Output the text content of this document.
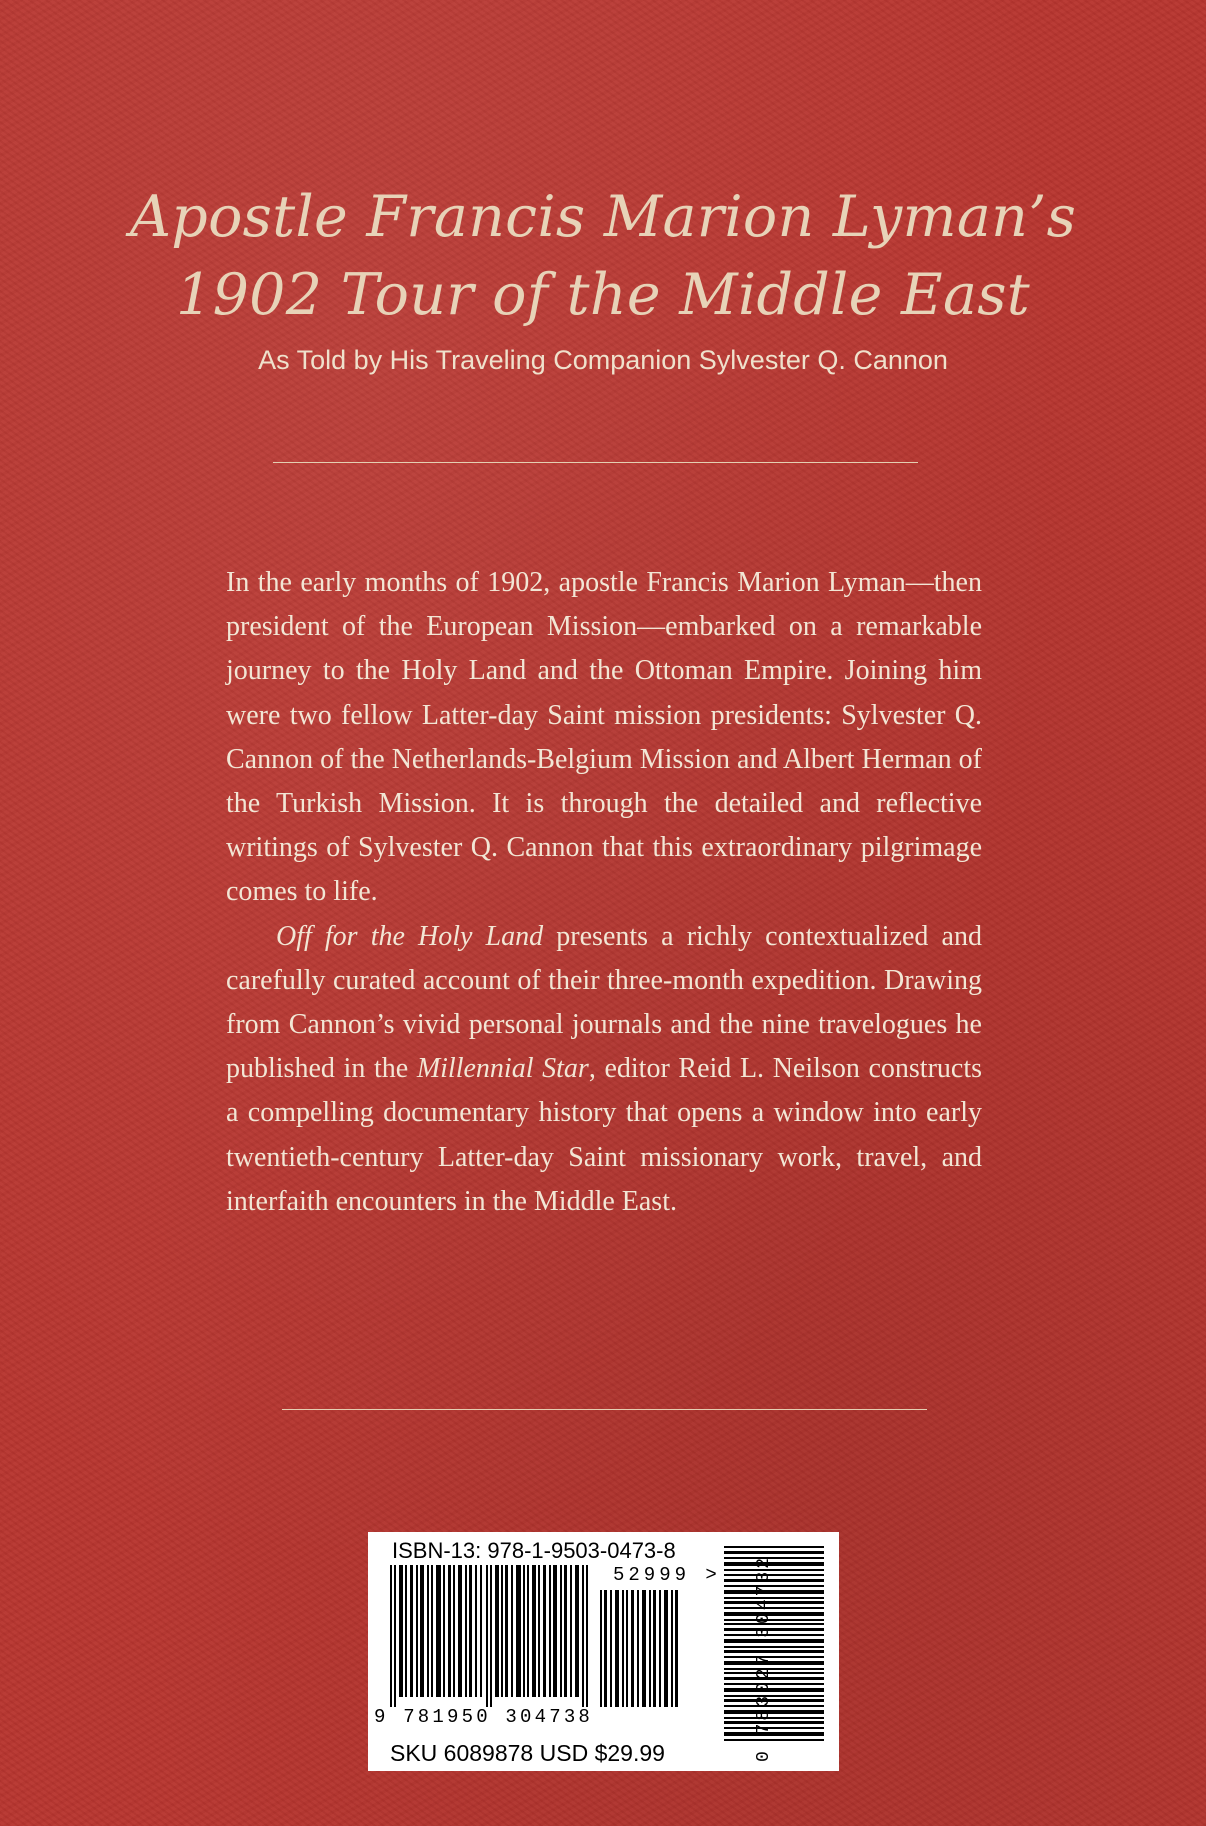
Apostle Francis Marion Lyman’s
1902 Tour of the Middle East
As Told by His Traveling Companion Sylvester Q. Cannon

In the early months of 1902, apostle Francis Marion Lyman—then president of the European Mission—embarked on a remarkable journey to the Holy Land and the Ottoman Empire. Joining him were two fellow Latter-day Saint mission presidents: Sylvester Q. Cannon of the Netherlands-Belgium Mission and Albert Herman of the Turkish Mission. It is through the detailed and reflective writings of Sylvester Q. Cannon that this extraordinary pilgrimage comes to life.

Off for the Holy Land presents a richly contextualized and carefully curated account of their three-month expedition. Drawing from Cannon’s vivid personal journals and the nine travelogues he published in the Millennial Star, editor Reid L. Neilson constructs a compelling documentary history that opens a window into early twentieth-century Latter-day Saint missionary work, travel, and interfaith encounters in the Middle East.

ISBN-13: 978-1-9503-0473-8
52999 >
9 781950 304738
SKU 6089878 USD $29.99	0 783027 304732
